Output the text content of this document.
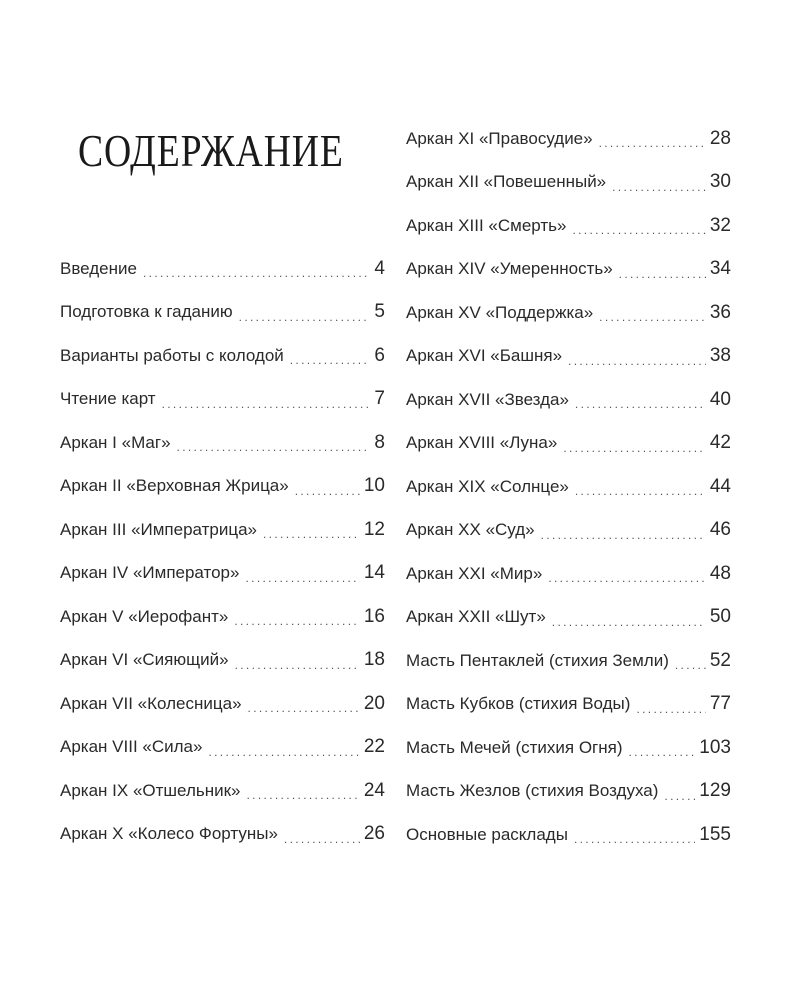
СОДЕРЖАНИЕ
Введение . . .	4
Подготовка к гаданию . . .	5
Варианты работы с колодой . . .	6
Чтение карт . . .	7
Аркан I «Маг» . . .	8
Аркан II «Верховная Жрица» . . .	10
Аркан III «Императрица» . . .	12
Аркан IV «Император» . . .	14
Аркан V «Иерофант» . . .	16
Аркан VI «Сияющий» . . .	18
Аркан VII «Колесница» . . .	20
Аркан VIII «Сила» . . .	22
Аркан IX «Отшельник» . . .	24
Аркан X «Колесо Фортуны» . . .	26
Аркан XI «Правосудие» . . .	28
Аркан XII «Повешенный» . . .	30
Аркан XIII «Смерть» . . .	32
Аркан XIV «Умеренность» . . .	34
Аркан XV «Поддержка» . . .	36
Аркан XVI «Башня» . . .	38
Аркан XVII «Звезда» . . .	40
Аркан XVIII «Луна» . . .	42
Аркан XIX «Солнце» . . .	44
Аркан XX «Суд» . . .	46
Аркан XXI «Мир» . . .	48
Аркан XXII «Шут» . . .	50
Масть Пентаклей (стихия Земли) . . .	52
Масть Кубков (стихия Воды) . . .	77
Масть Мечей (стихия Огня) . . .	103
Масть Жезлов (стихия Воздуха) . . .	129
Основные расклады . . .	155
